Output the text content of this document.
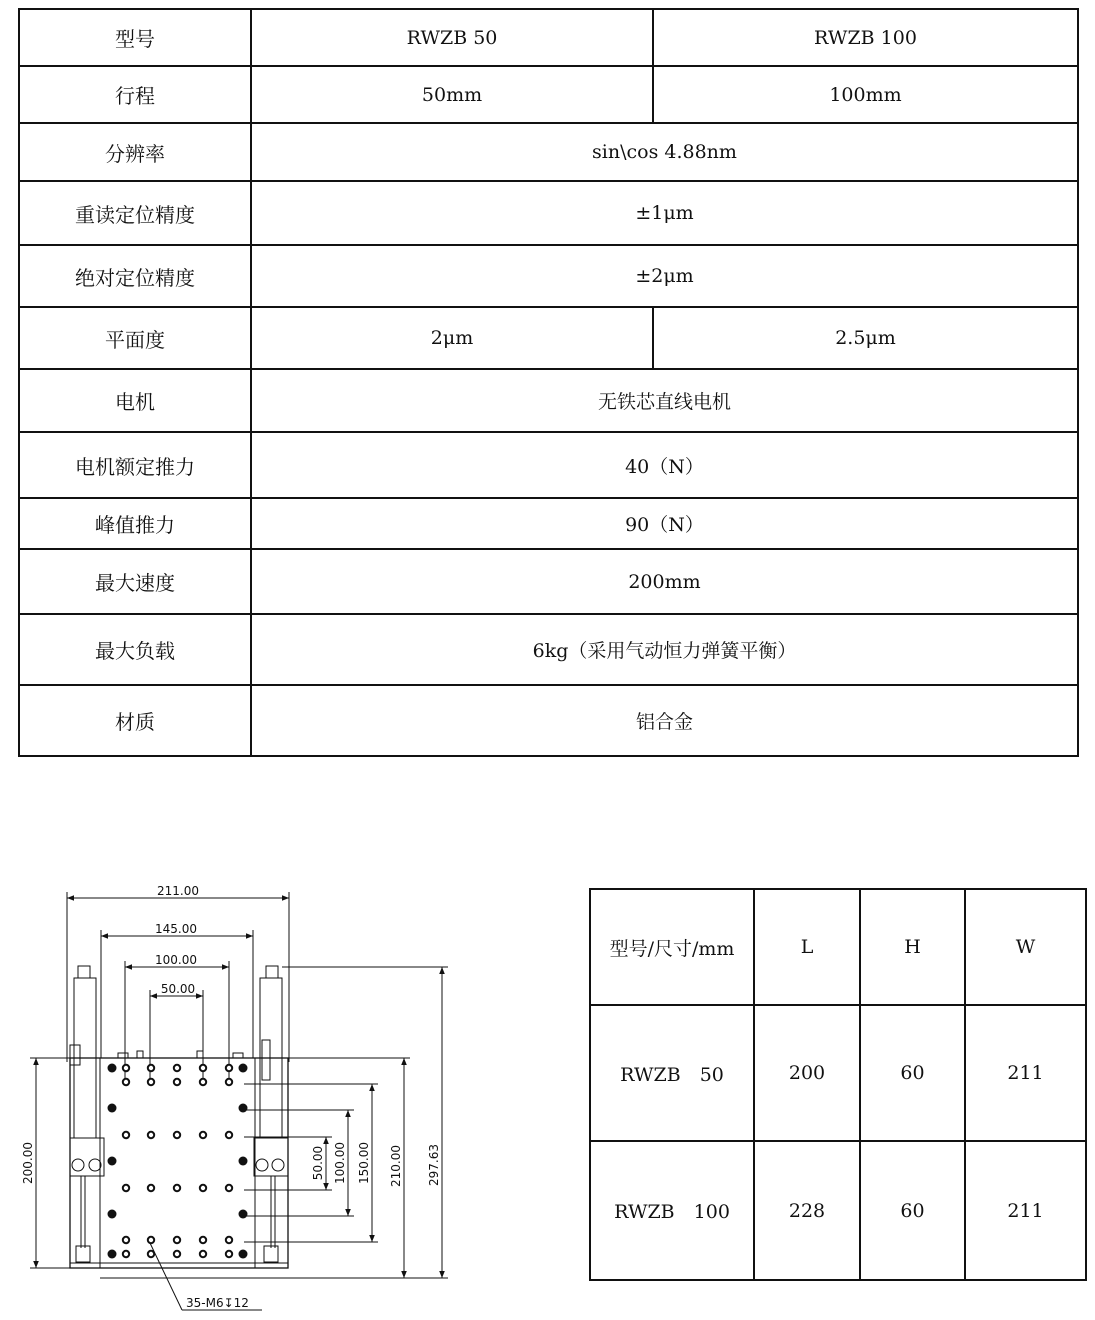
型号	RWZB 50	RWZB 100
行程	50mm	100mm
分辨率	sin\cos 4.88nm	
重读定位精度	±1μm	
绝对定位精度	±2μm	
平面度	2μm	2.5μm
电机	无铁芯直线电机	
电机额定推力	40（N）	
峰值推力	90（N）	
最大速度	200mm	
最大负载	6kg（采用气动恒力弹簧平衡）	
材质	铝合金	
211.00
145.00
100.00
50.00
200.00	50.00 100.00 150.00 210.00 297.63
35-M6↧12
型号/尺寸/mm	L	H	W
RWZB　50	200	60	211
RWZB　100	228	60	211
